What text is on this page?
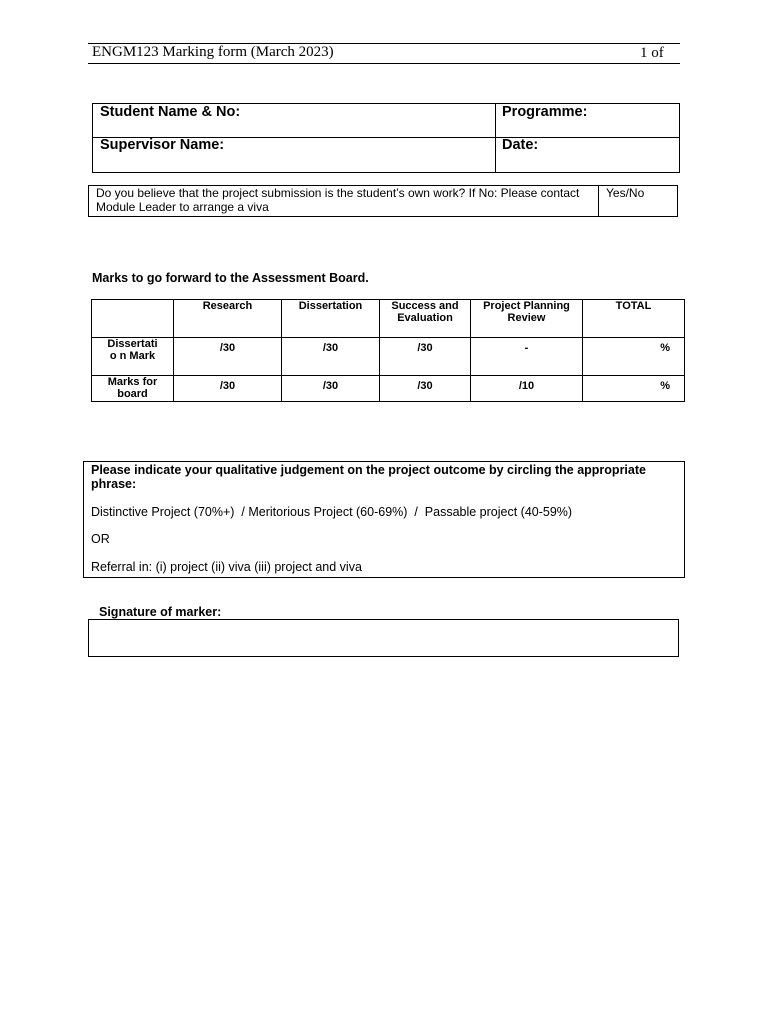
ENGM123 Marking form (March 2023)	1 of
Student Name & No:	Programme:
Supervisor Name:	Date:
Do you believe that the project submission is the student’s own work? If No: Please contact Module Leader to arrange a viva
Yes/No
Marks to go forward to the Assessment Board.
	Research	Dissertation	Success and Evaluation	Project Planning Review	TOTAL

Dissertatio n Mark	/30	/30	/30	-	%

Marks for board	/30	/30	/30	/10	%
Please indicate your qualitative judgement on the project outcome by circling the appropriate phrase:
Distinctive Project (70%+)  / Meritorious Project (60-69%)  /  Passable project (40-59%)
OR
Referral in: (i) project (ii) viva (iii) project and viva
Signature of marker:
